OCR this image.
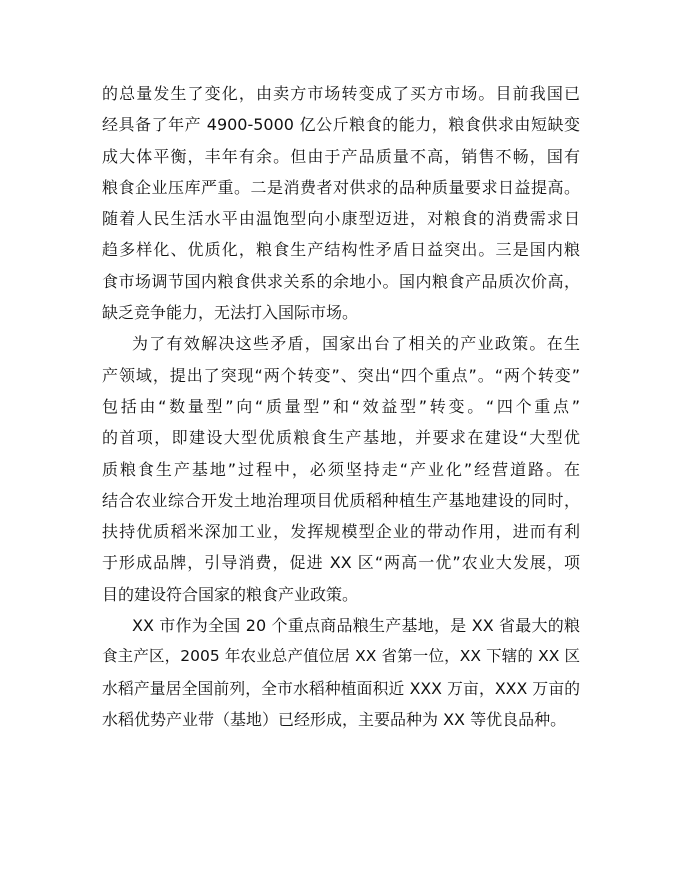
的总量发生了变化，由卖方市场转变成了买方市场。目前我国已
经具备了年产 4900-5000 亿公斤粮食的能力，粮食供求由短缺变
成大体平衡，丰年有余。但由于产品质量不高，销售不畅，国有
粮食企业压库严重。二是消费者对供求的品种质量要求日益提高。
随着人民生活水平由温饱型向小康型迈进，对粮食的消费需求日
趋多样化、优质化，粮食生产结构性矛盾日益突出。三是国内粮
食市场调节国内粮食供求关系的余地小。国内粮食产品质次价高，
缺乏竞争能力，无法打入国际市场。
为了有效解决这些矛盾，国家出台了相关的产业政策。在生
产领域，提出了突现“两个转变”、突出“四个重点”。“两个转变”
包括由“数量型”向“质量型”和“效益型”转变。“四个重点”
的首项，即建设大型优质粮食生产基地，并要求在建设“大型优
质粮食生产基地”过程中，必须坚持走“产业化”经营道路。在
结合农业综合开发土地治理项目优质稻种植生产基地建设的同时，
扶持优质稻米深加工业，发挥规模型企业的带动作用，进而有利
于形成品牌，引导消费，促进 XX 区“两高一优”农业大发展，项
目的建设符合国家的粮食产业政策。
XX 市作为全国 20 个重点商品粮生产基地，是 XX 省最大的粮
食主产区，2005 年农业总产值位居 XX 省第一位，XX 下辖的 XX 区
水稻产量居全国前列，全市水稻种植面积近 XXX 万亩，XXX 万亩的
水稻优势产业带（基地）已经形成，主要品种为 XX 等优良品种。
